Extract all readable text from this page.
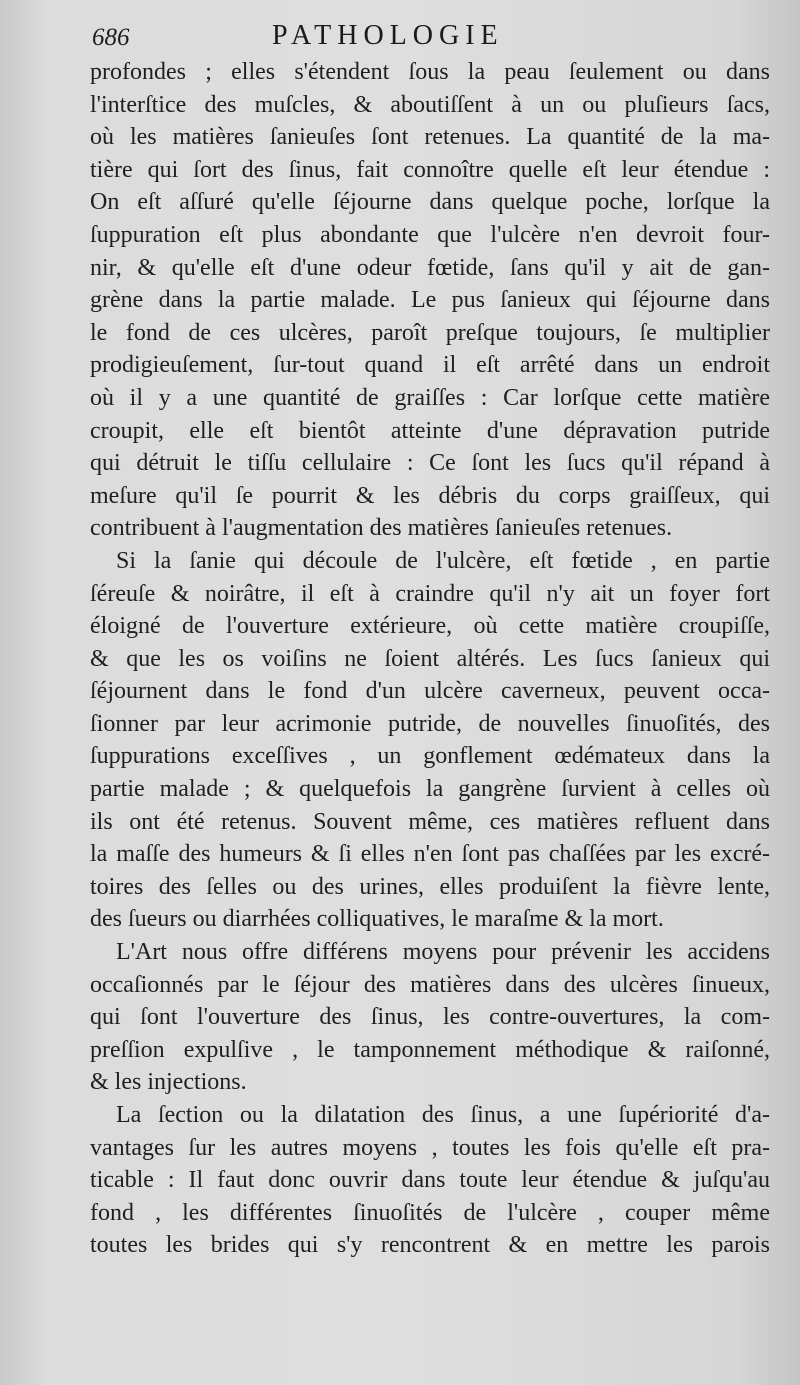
686	PATHOLOGIE
profondes ; elles s'étendent ſous la peau ſeulement ou dans
l'interſtice des muſcles, & aboutiſſent à un ou pluſieurs ſacs,
où les matières ſanieuſes ſont retenues. La quantité de la ma-
tière qui ſort des ſinus, fait connoître quelle eſt leur étendue :
On eſt aſſuré qu'elle ſéjourne dans quelque poche, lorſque la
ſuppuration eſt plus abondante que l'ulcère n'en devroit four-
nir, & qu'elle eſt d'une odeur fœtide, ſans qu'il y ait de gan-
grène dans la partie malade. Le pus ſanieux qui ſéjourne dans
le fond de ces ulcères, paroît preſque toujours, ſe multiplier
prodigieuſement, ſur-tout quand il eſt arrêté dans un endroit
où il y a une quantité de graiſſes : Car lorſque cette matière
croupit, elle eſt bientôt atteinte d'une dépravation putride
qui détruit le tiſſu cellulaire : Ce ſont les ſucs qu'il répand à
meſure qu'il ſe pourrit & les débris du corps graiſſeux, qui
contribuent à l'augmentation des matières ſanieuſes retenues.
Si la ſanie qui découle de l'ulcère, eſt fœtide , en partie
ſéreuſe & noirâtre, il eſt à craindre qu'il n'y ait un foyer fort
éloigné de l'ouverture extérieure, où cette matière croupiſſe,
& que les os voiſins ne ſoient altérés. Les ſucs ſanieux qui
ſéjournent dans le fond d'un ulcère caverneux, peuvent occa-
ſionner par leur acrimonie putride, de nouvelles ſinuoſités, des
ſuppurations exceſſives , un gonflement œdémateux dans la
partie malade ; & quelquefois la gangrène ſurvient à celles où
ils ont été retenus. Souvent même, ces matières refluent dans
la maſſe des humeurs & ſi elles n'en ſont pas chaſſées par les excré-
toires des ſelles ou des urines, elles produiſent la fièvre lente,
des ſueurs ou diarrhées colliquatives, le maraſme & la mort.
L'Art nous offre différens moyens pour prévenir les accidens
occaſionnés par le ſéjour des matières dans des ulcères ſinueux,
qui ſont l'ouverture des ſinus, les contre-ouvertures, la com-
preſſion expulſive , le tamponnement méthodique & raiſonné,
& les injections.
La ſection ou la dilatation des ſinus, a une ſupériorité d'a-
vantages ſur les autres moyens , toutes les fois qu'elle eſt pra-
ticable : Il faut donc ouvrir dans toute leur étendue & juſqu'au
fond , les différentes ſinuoſités de l'ulcère , couper même
toutes les brides qui s'y rencontrent & en mettre les parois
